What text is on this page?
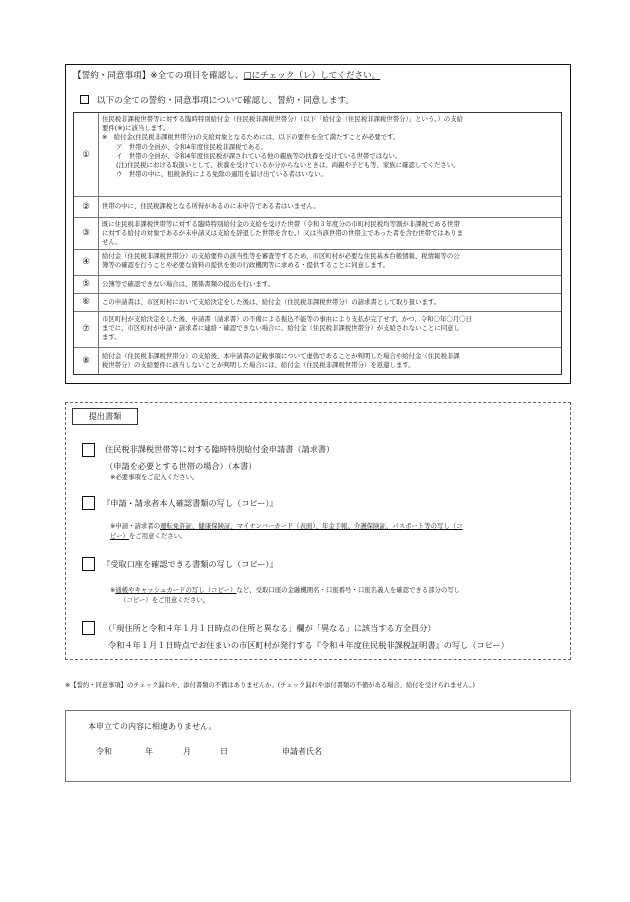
【誓約・同意事項】※全ての項目を確認し、□にチェック（レ）してください。
以下の全ての誓約・同意事項について確認し、誓約・同意します。
①
住民税非課税世帯等に対する臨時特別給付金（住民税非課税世帯分）（以下「給付金（住民税非課税世帯分）」という。）の支給
要件(※)に該当します。
※　給付金(住民税非課税世帯分)の支給対象となるためには、以下の要件を全て満たすことが必要です。
ア　世帯の全員が、令和4年度住民税非課税である。
イ　世帯の全員が、令和4年度住民税が課されている他の親族等の扶養を受けている世帯ではない。
(注)住民税における取扱いとして、扶養を受けているか分からないときは、両親や子ども等、家族に確認してください。
ウ　世帯の中に、租税条約による免除の適用を届け出ている者はいない。
②	世帯の中に、住民税課税となる所得があるのに未申告である者はいません。
③
既に住民税非課税世帯等に対する臨時特別給付金の支給を受けた世帯（令和３年度分の市町村民税均等割が非課税である世帯
に対する給付の対象であるが未申請又は支給を辞退した世帯を含む。）又は当該世帯の世帯主であった者を含む世帯ではありま
せん。
④
給付金（住民税非課税世帯分）の支給要件の該当性等を審査等するため、市区町村が必要な住民基本台帳情報、税情報等の公
簿等の確認を行うことや必要な資料の提供を他の行政機関等に求める・提供することに同意します。
⑤	公簿等で確認できない場合は、関係書類の提出を行います。
⑥	この申請書は、市区町村において支給決定をした後は、給付金（住民税非課税世帯分）の請求書として取り扱います。
⑦
市区町村が支給決定をした後、申請書（請求書）の不備による振込不能等の事由により支払が完了せず、かつ、令和〇年〇月〇日
までに、市区町村が申請・請求者に連絡・確認できない場合に、給付金（住民税非課税世帯分）が支給されないことに同意し
ます。
⑧	給付金（住民税非課税世帯分）の支給後、本申請書の記載事項について虚偽であることが判明した場合や給付金（住民税非課
税世帯分）の支給要件に該当しないことが判明した場合には、給付金（住民税非課税世帯分）を返還します。
提出書類
住民税非課税世帯等に対する臨時特別給付金申請書（請求書）
（申請を必要とする世帯の場合）（本書）
※必要事項をご記入ください。
『申請・請求者本人確認書類の写し（コピー）』
※申請・請求者の運転免許証、健康保険証、マイナンバーカード（表面）、年金手帳、介護保険証、パスポート等の写し（コ
ピー）をご用意ください。
『受取口座を確認できる書類の写し（コピー）』
※通帳やキャッシュカードの写し（コピー）など、受取口座の金融機関名・口座番号・口座名義人を確認できる部分の写し
（コピー）をご用意ください。
（「現住所と令和４年１月１日時点の住所と異なる」欄が「異なる」に該当する方全員分）
令和４年１月１日時点でお住まいの市区町村が発行する『令和４年度住民税非課税証明書』の写し（コピー）
※【誓約・同意事項】のチェック漏れや、添付書類の不備はありませんか。(チェック漏れや添付書類の不備がある場合、給付を受けられません。)
本申立ての内容に相違ありません。
令和	年	月	日	申請者氏名
